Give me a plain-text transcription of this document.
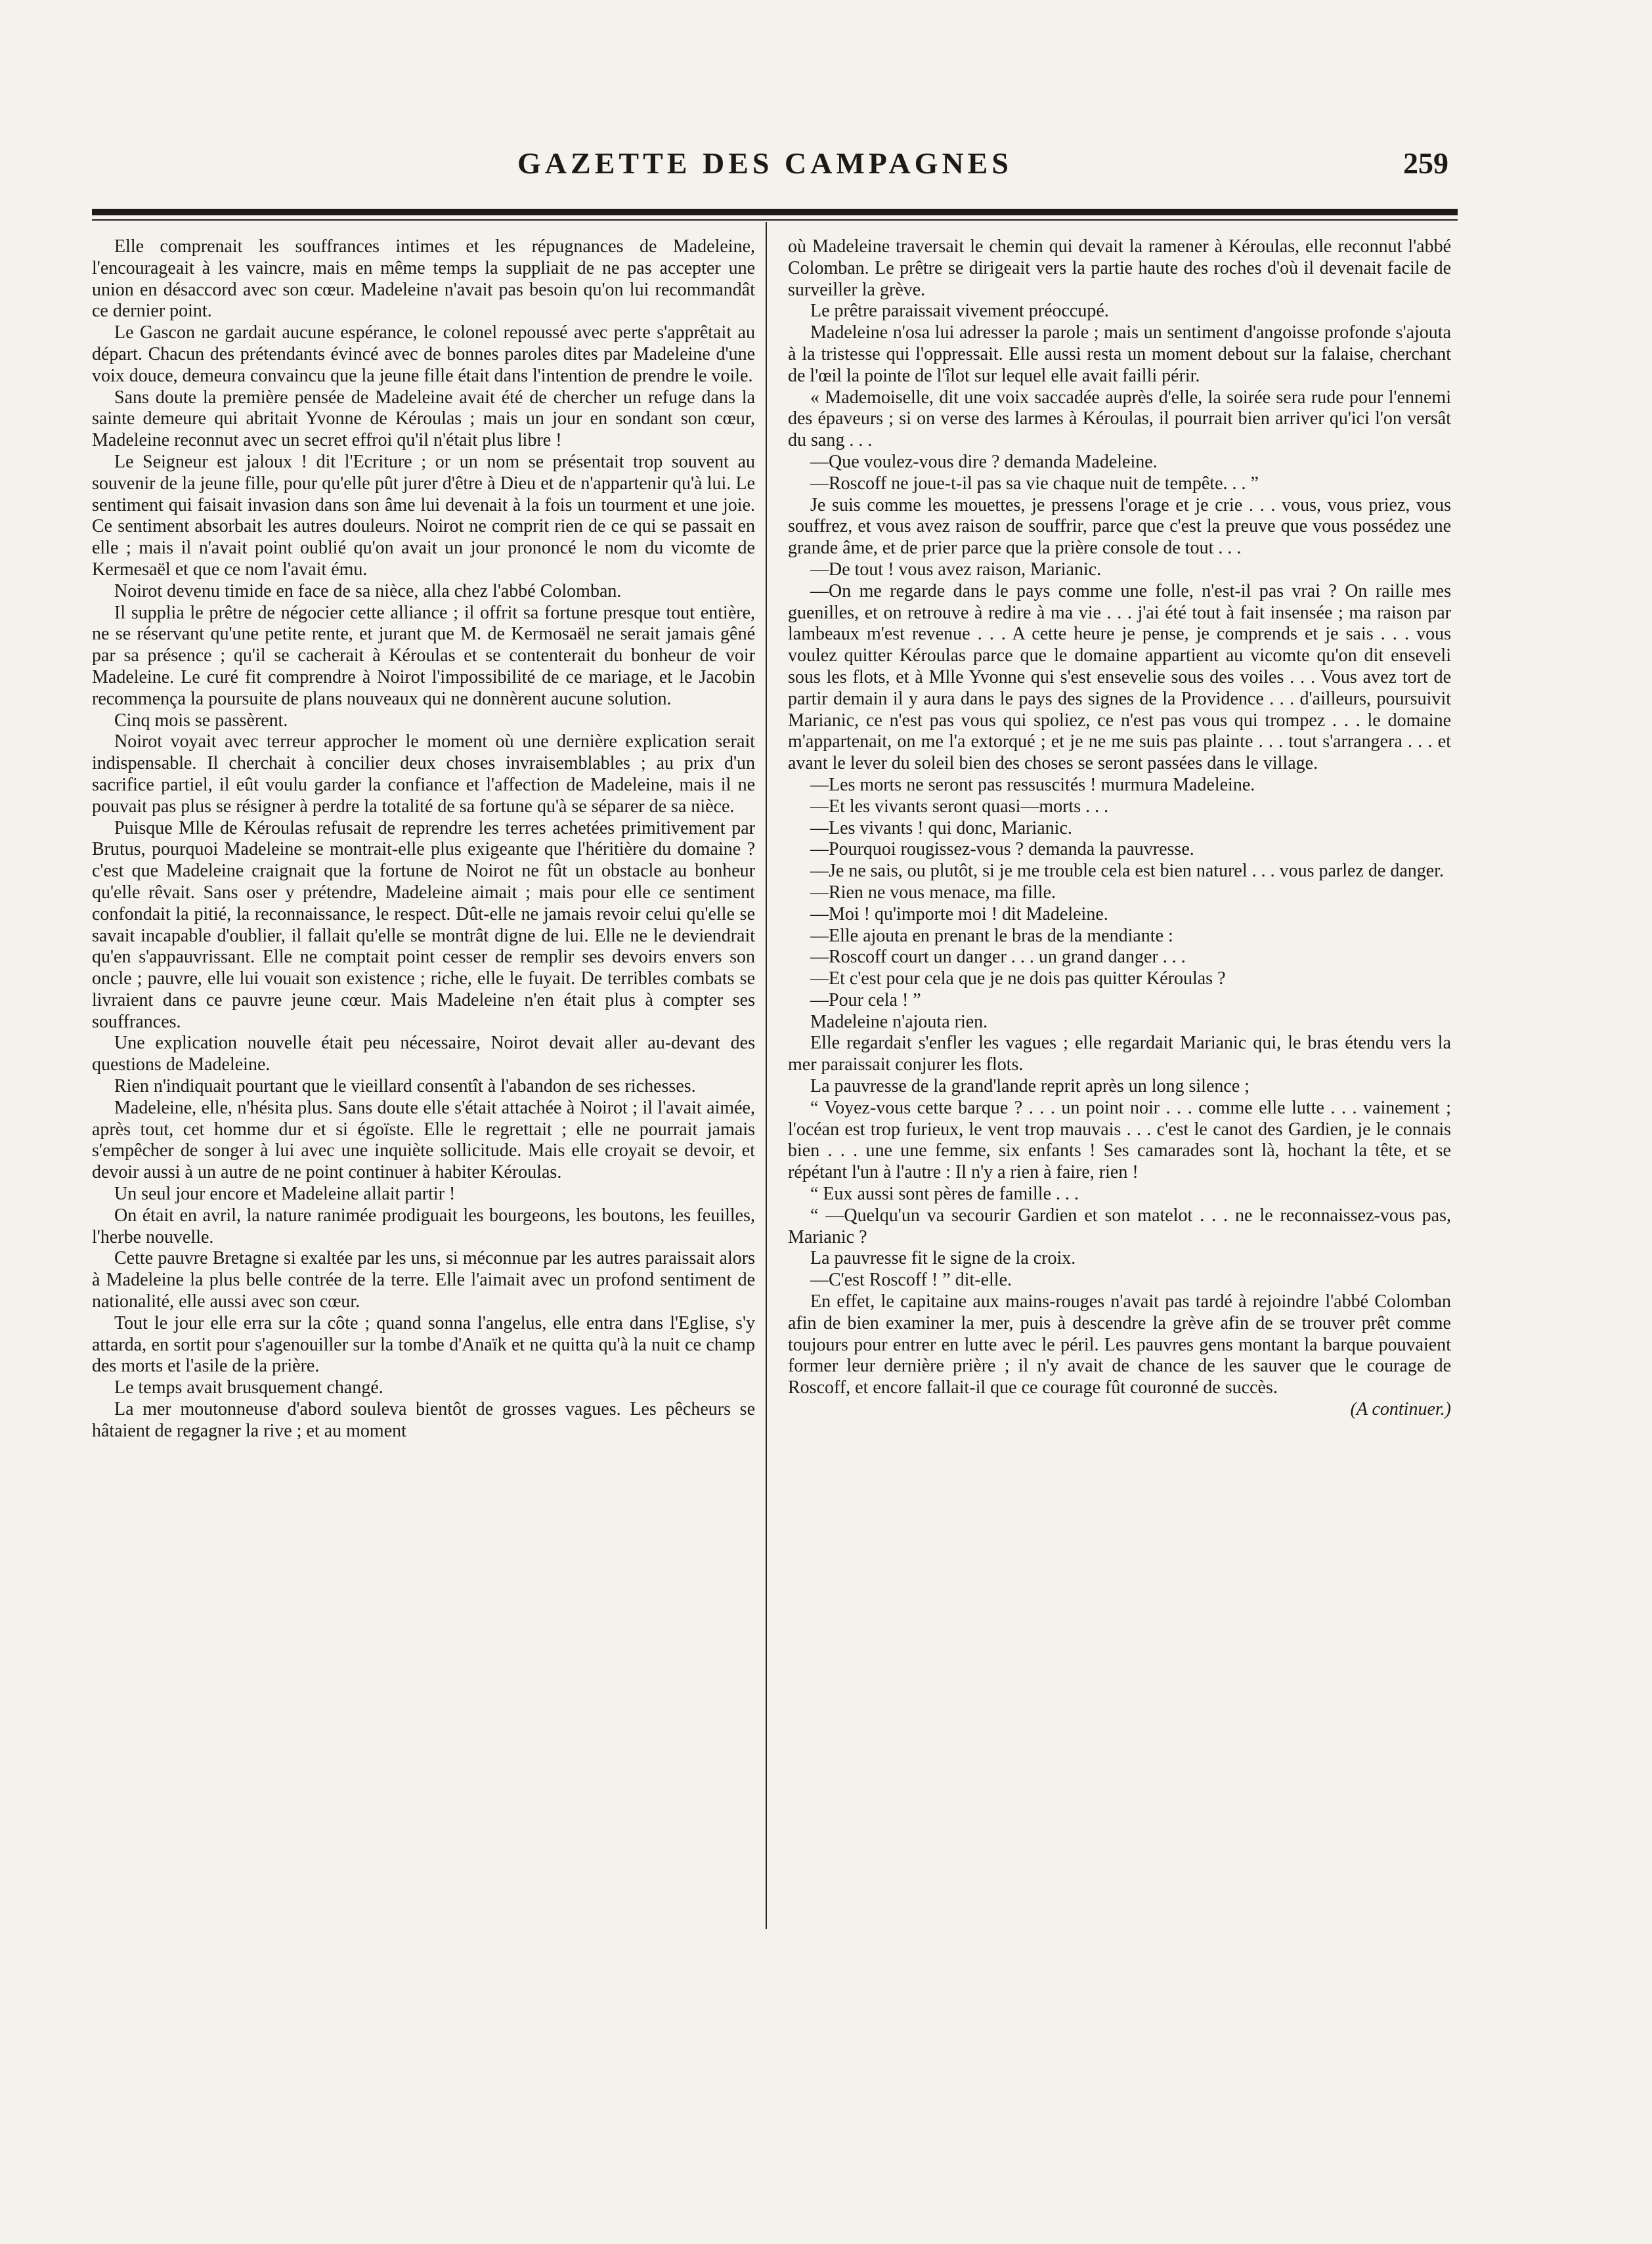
GAZETTE DES CAMPAGNES	259

Elle comprenait les souffrances intimes et les répugnances de Madeleine, l'encourageait à les vaincre, mais en même temps la suppliait de ne pas accepter une union en désaccord avec son cœur. Madeleine n'avait pas besoin qu'on lui recommandât ce dernier point.

Le Gascon ne gardait aucune espérance, le colonel repoussé avec perte s'apprêtait au départ. Chacun des prétendants évincé avec de bonnes paroles dites par Madeleine d'une voix douce, demeura convaincu que la jeune fille était dans l'intention de prendre le voile.

Sans doute la première pensée de Madeleine avait été de chercher un refuge dans la sainte demeure qui abritait Yvonne de Kéroulas ; mais un jour en sondant son cœur, Madeleine reconnut avec un secret effroi qu'il n'était plus libre !

Le Seigneur est jaloux ! dit l'Ecriture ; or un nom se présentait trop souvent au souvenir de la jeune fille, pour qu'elle pût jurer d'être à Dieu et de n'appartenir qu'à lui. Le sentiment qui faisait invasion dans son âme lui devenait à la fois un tourment et une joie. Ce sentiment absorbait les autres douleurs. Noirot ne comprit rien de ce qui se passait en elle ; mais il n'avait point oublié qu'on avait un jour prononcé le nom du vicomte de Kermesaël et que ce nom l'avait ému.

Noirot devenu timide en face de sa nièce, alla chez l'abbé Colomban.

Il supplia le prêtre de négocier cette alliance ; il offrit sa fortune presque tout entière, ne se réservant qu'une petite rente, et jurant que M. de Kermosaël ne serait jamais gêné par sa présence ; qu'il se cacherait à Kéroulas et se contenterait du bonheur de voir Madeleine. Le curé fit comprendre à Noirot l'impossibilité de ce mariage, et le Jacobin recommença la poursuite de plans nouveaux qui ne donnèrent aucune solution.

Cinq mois se passèrent.

Noirot voyait avec terreur approcher le moment où une dernière explication serait indispensable. Il cherchait à concilier deux choses invraisemblables ; au prix d'un sacrifice partiel, il eût voulu garder la confiance et l'affection de Madeleine, mais il ne pouvait pas plus se résigner à perdre la totalité de sa fortune qu'à se séparer de sa nièce.

Puisque Mlle de Kéroulas refusait de reprendre les terres achetées primitivement par Brutus, pourquoi Madeleine se montrait-elle plus exigeante que l'héritière du domaine ? c'est que Madeleine craignait que la fortune de Noirot ne fût un obstacle au bonheur qu'elle rêvait. Sans oser y prétendre, Madeleine aimait ; mais pour elle ce sentiment confondait la pitié, la reconnaissance, le respect. Dût-elle ne jamais revoir celui qu'elle se savait incapable d'oublier, il fallait qu'elle se montrât digne de lui. Elle ne le deviendrait qu'en s'appauvrissant. Elle ne comptait point cesser de remplir ses devoirs envers son oncle ; pauvre, elle lui vouait son existence ; riche, elle le fuyait. De terribles combats se livraient dans ce pauvre jeune cœur. Mais Madeleine n'en était plus à compter ses souffrances.

Une explication nouvelle était peu nécessaire, Noirot devait aller au-devant des questions de Madeleine.

Rien n'indiquait pourtant que le vieillard consentît à l'abandon de ses richesses.

Madeleine, elle, n'hésita plus. Sans doute elle s'était attachée à Noirot ; il l'avait aimée, après tout, cet homme dur et si égoïste. Elle le regrettait ; elle ne pourrait jamais s'empêcher de songer à lui avec une inquiète sollicitude. Mais elle croyait se devoir, et devoir aussi à un autre de ne point continuer à habiter Kéroulas.

Un seul jour encore et Madeleine allait partir !

On était en avril, la nature ranimée prodiguait les bourgeons, les boutons, les feuilles, l'herbe nouvelle.

Cette pauvre Bretagne si exaltée par les uns, si méconnue par les autres paraissait alors à Madeleine la plus belle contrée de la terre. Elle l'aimait avec un profond sentiment de nationalité, elle aussi avec son cœur.

Tout le jour elle erra sur la côte ; quand sonna l'angelus, elle entra dans l'Eglise, s'y attarda, en sortit pour s'agenouiller sur la tombe d'Anaïk et ne quitta qu'à la nuit ce champ des morts et l'asile de la prière.

Le temps avait brusquement changé.

La mer moutonneuse d'abord souleva bientôt de grosses vagues. Les pêcheurs se hâtaient de regagner la rive ; et au moment

où Madeleine traversait le chemin qui devait la ramener à Kéroulas, elle reconnut l'abbé Colomban. Le prêtre se dirigeait vers la partie haute des roches d'où il devenait facile de surveiller la grève.

Le prêtre paraissait vivement préoccupé.

Madeleine n'osa lui adresser la parole ; mais un sentiment d'angoisse profonde s'ajouta à la tristesse qui l'oppressait. Elle aussi resta un moment debout sur la falaise, cherchant de l'œil la pointe de l'îlot sur lequel elle avait failli périr.

« Mademoiselle, dit une voix saccadée auprès d'elle, la soirée sera rude pour l'ennemi des épaveurs ; si on verse des larmes à Kéroulas, il pourrait bien arriver qu'ici l'on versât du sang . . .

—Que voulez-vous dire ? demanda Madeleine.

—Roscoff ne joue-t-il pas sa vie chaque nuit de tempête. . . ”

Je suis comme les mouettes, je pressens l'orage et je crie . . . vous, vous priez, vous souffrez, et vous avez raison de souffrir, parce que c'est la preuve que vous possédez une grande âme, et de prier parce que la prière console de tout . . .

—De tout ! vous avez raison, Marianic.

—On me regarde dans le pays comme une folle, n'est-il pas vrai ? On raille mes guenilles, et on retrouve à redire à ma vie . . . j'ai été tout à fait insensée ; ma raison par lambeaux m'est revenue . . . A cette heure je pense, je comprends et je sais . . . vous voulez quitter Kéroulas parce que le domaine appartient au vicomte qu'on dit enseveli sous les flots, et à Mlle Yvonne qui s'est ensevelie sous des voiles . . . Vous avez tort de partir demain il y aura dans le pays des signes de la Providence . . . d'ailleurs, poursuivit Marianic, ce n'est pas vous qui spoliez, ce n'est pas vous qui trompez . . . le domaine m'appartenait, on me l'a extorqué ; et je ne me suis pas plainte . . . tout s'arrangera . . . et avant le lever du soleil bien des choses se seront passées dans le village.

—Les morts ne seront pas ressuscités ! murmura Madeleine.

—Et les vivants seront quasi—morts . . .

—Les vivants ! qui donc, Marianic.

—Pourquoi rougissez-vous ? demanda la pauvresse.

—Je ne sais, ou plutôt, si je me trouble cela est bien naturel . . . vous parlez de danger.

—Rien ne vous menace, ma fille.

—Moi ! qu'importe moi ! dit Madeleine.

—Elle ajouta en prenant le bras de la mendiante :

—Roscoff court un danger . . . un grand danger . . .

—Et c'est pour cela que je ne dois pas quitter Kéroulas ?

—Pour cela ! ”

Madeleine n'ajouta rien.

Elle regardait s'enfler les vagues ; elle regardait Marianic qui, le bras étendu vers la mer paraissait conjurer les flots.

La pauvresse de la grand'lande reprit après un long silence ;

“ Voyez-vous cette barque ? . . . un point noir . . . comme elle lutte . . . vainement ; l'océan est trop furieux, le vent trop mauvais . . . c'est le canot des Gardien, je le connais bien . . . une une femme, six enfants ! Ses camarades sont là, hochant la tête, et se répétant l'un à l'autre : Il n'y a rien à faire, rien !

“ Eux aussi sont pères de famille . . .

“ —Quelqu'un va secourir Gardien et son matelot . . . ne le reconnaissez-vous pas, Marianic ?

La pauvresse fit le signe de la croix.

—C'est Roscoff ! ” dit-elle.

En effet, le capitaine aux mains-rouges n'avait pas tardé à rejoindre l'abbé Colomban afin de bien examiner la mer, puis à descendre la grève afin de se trouver prêt comme toujours pour entrer en lutte avec le péril. Les pauvres gens montant la barque pouvaient former leur dernière prière ; il n'y avait de chance de les sauver que le courage de Roscoff, et encore fallait-il que ce courage fût couronné de succès.

(A continuer.)
